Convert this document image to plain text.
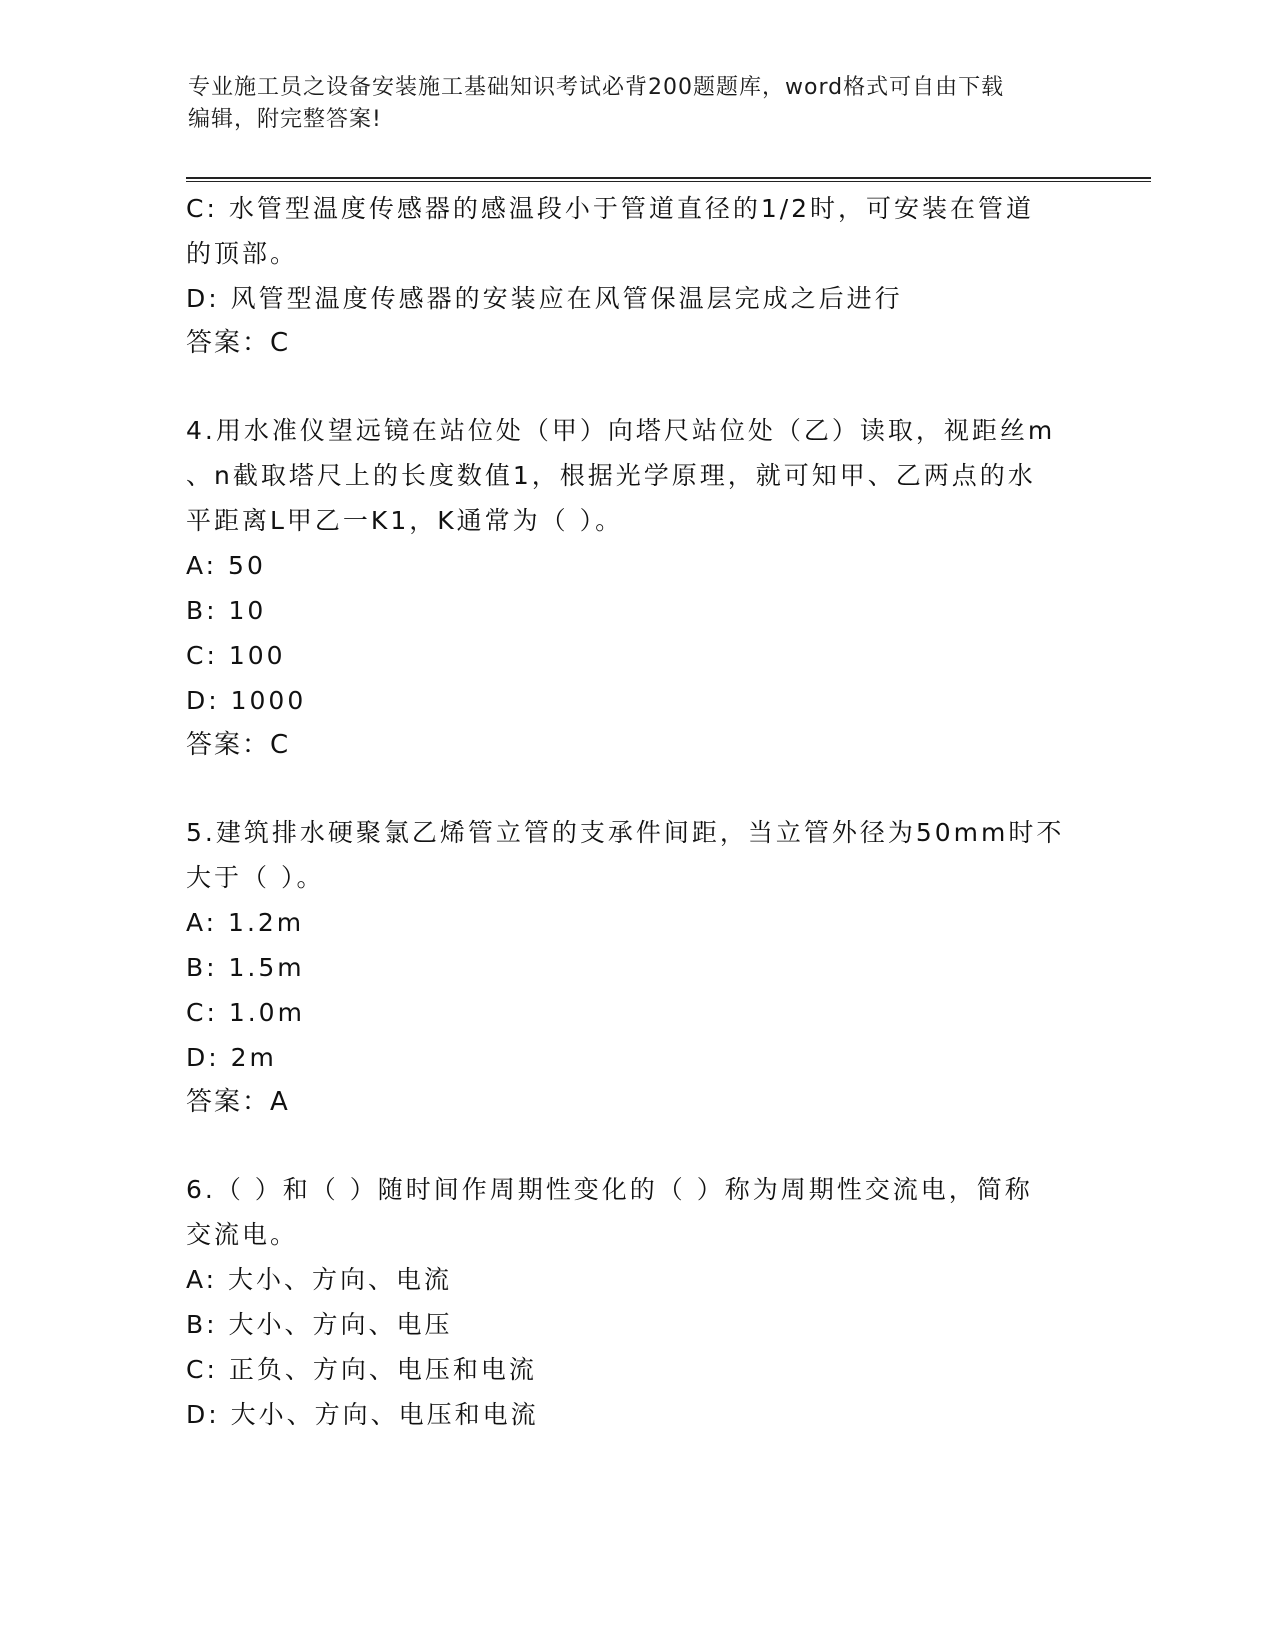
专业施工员之设备安装施工基础知识考试必背200题题库，word格式可自由下载
编辑，附完整答案!
C: 水管型温度传感器的感温段小于管道直径的1/2时，可安装在管道
的顶部。
D: 风管型温度传感器的安装应在风管保温层完成之后进行
答案：C
4.用水准仪望远镜在站位处（甲）向塔尺站位处（乙）读取，视距丝m
、n截取塔尺上的长度数值1，根据光学原理，就可知甲、乙两点的水
平距离L甲乙一K1，K通常为（ ）。
A: 50
B: 10
C: 100
D: 1000
答案：C
5.建筑排水硬聚氯乙烯管立管的支承件间距，当立管外径为50mm时不
大于（ ）。
A: 1.2m
B: 1.5m
C: 1.0m
D: 2m
答案：A
6.（ ）和（ ）随时间作周期性变化的（ ）称为周期性交流电，简称
交流电。
A: 大小、方向、电流
B: 大小、方向、电压
C: 正负、方向、电压和电流
D: 大小、方向、电压和电流
